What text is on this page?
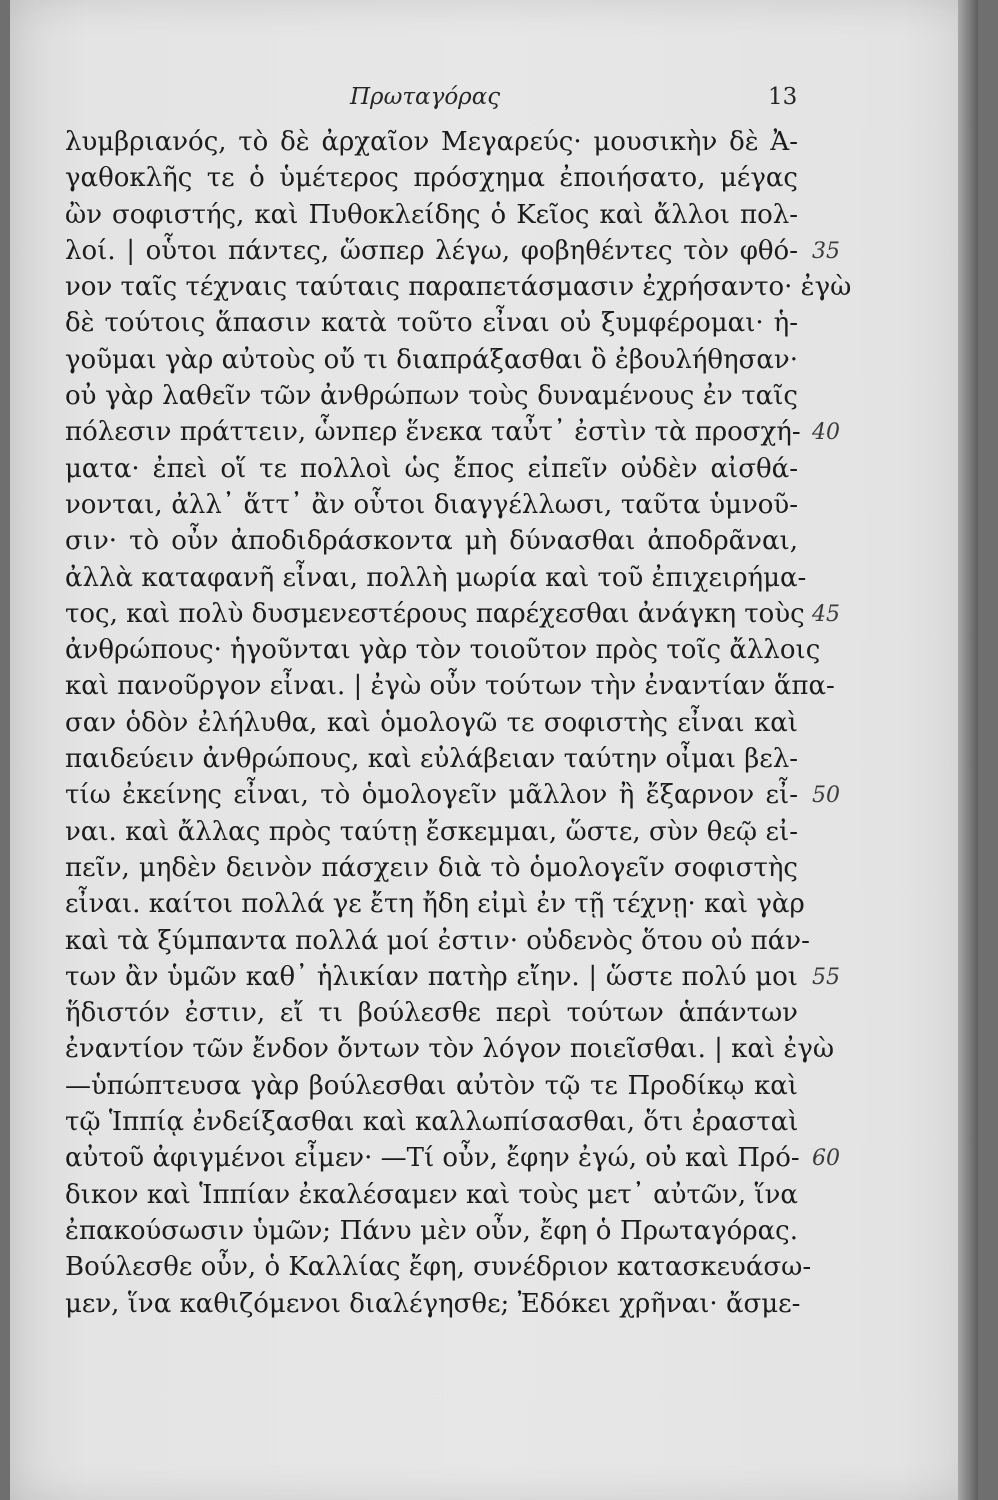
Πρωταγόρας	13
λυμβριανός, τὸ δὲ ἀρχαῖον Μεγαρεύς· μουσικὴν δὲ Ἀ-
γαθοκλῆς τε ὁ ὑμέτερος πρόσχημα ἐποιήσατο, μέγας
ὢν σοφιστής, καὶ Πυθοκλείδης ὁ Κεῖος καὶ ἄλλοι πολ-
λοί. | οὗτοι πάντες, ὥσπερ λέγω, φοβηθέντες τὸν φθό-
νον ταῖς τέχναις ταύταις παραπετάσμασιν ἐχρήσαντο· ἐγὼ
δὲ τούτοις ἅπασιν κατὰ τοῦτο εἶναι οὐ ξυμφέρομαι· ἡ-
γοῦμαι γὰρ αὐτοὺς οὔ τι διαπράξασθαι ὃ ἐβουλήθησαν·
οὐ γὰρ λαθεῖν τῶν ἀνθρώπων τοὺς δυναμένους ἐν ταῖς
πόλεσιν πράττειν, ὧνπερ ἕνεκα ταὖτ᾽ ἐστὶν τὰ προσχή-
ματα· ἐπεὶ οἵ τε πολλοὶ ὡς ἔπος εἰπεῖν οὐδὲν αἰσθά-
νονται, ἀλλ᾽ ἅττ᾽ ἂν οὗτοι διαγγέλλωσι, ταῦτα ὑμνοῦ-
σιν· τὸ οὖν ἀποδιδράσκοντα μὴ δύνασθαι ἀποδρᾶναι,
ἀλλὰ καταφανῆ εἶναι, πολλὴ μωρία καὶ τοῦ ἐπιχειρήμα-
τος, καὶ πολὺ δυσμενεστέρους παρέχεσθαι ἀνάγκη τοὺς
ἀνθρώπους· ἡγοῦνται γὰρ τὸν τοιοῦτον πρὸς τοῖς ἄλλοις
καὶ πανοῦργον εἶναι. | ἐγὼ οὖν τούτων τὴν ἐναντίαν ἅπα-
σαν ὁδὸν ἐλήλυθα, καὶ ὁμολογῶ τε σοφιστὴς εἶναι καὶ
παιδεύειν ἀνθρώπους, καὶ εὐλάβειαν ταύτην οἶμαι βελ-
τίω ἐκείνης εἶναι, τὸ ὁμολογεῖν μᾶλλον ἢ ἔξαρνον εἶ-
ναι. καὶ ἄλλας πρὸς ταύτῃ ἔσκεμμαι, ὥστε, σὺν θεῷ εἰ-
πεῖν, μηδὲν δεινὸν πάσχειν διὰ τὸ ὁμολογεῖν σοφιστὴς
εἶναι. καίτοι πολλά γε ἔτη ἤδη εἰμὶ ἐν τῇ τέχνῃ· καὶ γὰρ
καὶ τὰ ξύμπαντα πολλά μοί ἐστιν· οὐδενὸς ὅτου οὐ πάν-
των ἂν ὑμῶν καθ᾽ ἡλικίαν πατὴρ εἴην. | ὥστε πολύ μοι
ἥδιστόν ἐστιν, εἴ τι βούλεσθε περὶ τούτων ἁπάντων
ἐναντίον τῶν ἔνδον ὄντων τὸν λόγον ποιεῖσθαι. | καὶ ἐγὼ
—ὑπώπτευσα γὰρ βούλεσθαι αὐτὸν τῷ τε Προδίκῳ καὶ
τῷ Ἱππίᾳ ἐνδείξασθαι καὶ καλλωπίσασθαι, ὅτι ἐρασταὶ
αὐτοῦ ἀφιγμένοι εἶμεν· —Τί οὖν, ἔφην ἐγώ, οὐ καὶ Πρό-
δικον καὶ Ἱππίαν ἐκαλέσαμεν καὶ τοὺς μετ᾽ αὐτῶν, ἵνα
ἐπακούσωσιν ὑμῶν; Πάνυ μὲν οὖν, ἔφη ὁ Πρωταγόρας.
Βούλεσθε οὖν, ὁ Καλλίας ἔφη, συνέδριον κατασκευάσω-
μεν, ἵνα καθιζόμενοι διαλέγησθε; Ἐδόκει χρῆναι· ἄσμε-
35
40
45
50
55
60
